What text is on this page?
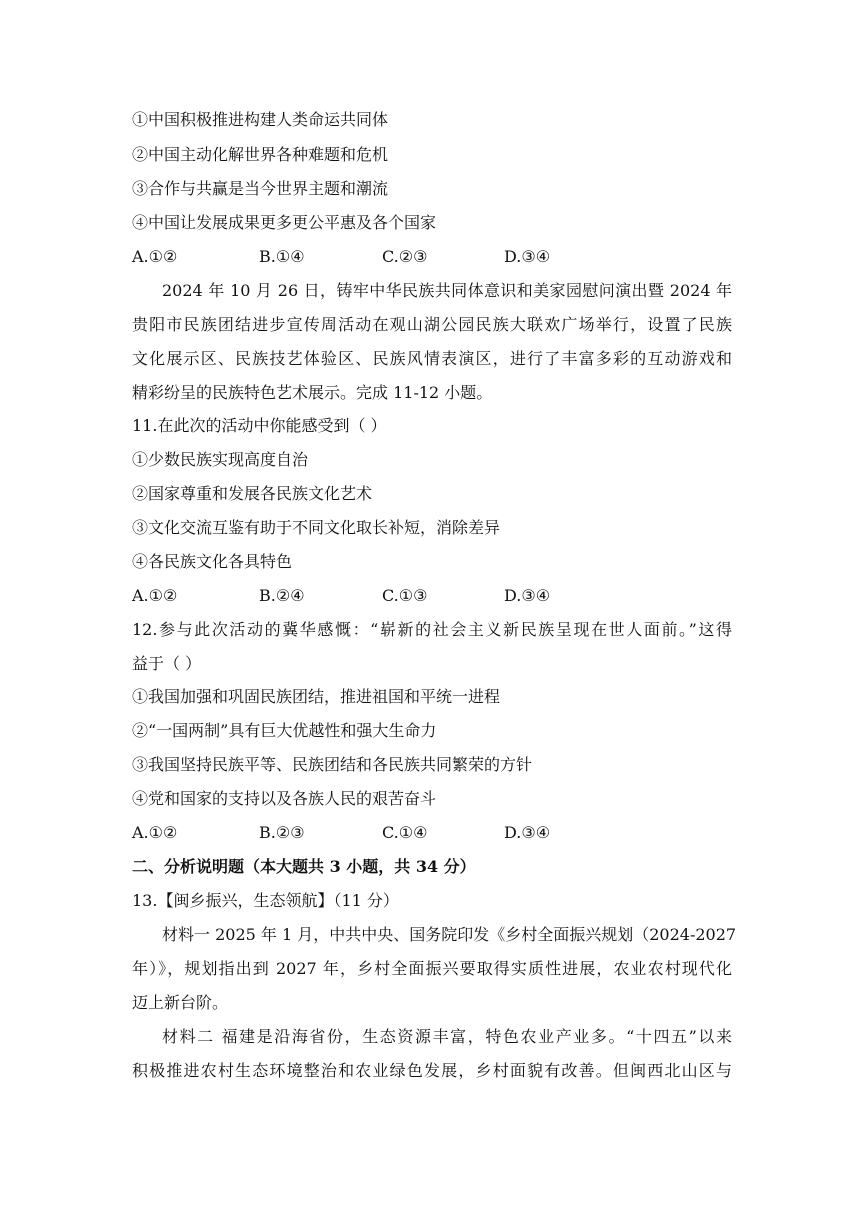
①中国积极推进构建人类命运共同体
②中国主动化解世界各种难题和危机
③合作与共赢是当今世界主题和潮流
④中国让发展成果更多更公平惠及各个国家
A.①②	B.①④	C.②③	D.③④
2024 年 10 月 26 日，铸牢中华民族共同体意识和美家园慰问演出暨 2024 年
贵阳市民族团结进步宣传周活动在观山湖公园民族大联欢广场举行，设置了民族
文化展示区、民族技艺体验区、民族风情表演区，进行了丰富多彩的互动游戏和
精彩纷呈的民族特色艺术展示。完成 11-12 小题。
11.在此次的活动中你能感受到（ ）
①少数民族实现高度自治
②国家尊重和发展各民族文化艺术
③文化交流互鉴有助于不同文化取长补短，消除差异
④各民族文化各具特色
A.①②	B.②④	C.①③	D.③④
12.参与此次活动的冀华感慨：“崭新的社会主义新民族呈现在世人面前。”这得
益于（ ）
①我国加强和巩固民族团结，推进祖国和平统一进程
②“一国两制”具有巨大优越性和强大生命力
③我国坚持民族平等、民族团结和各民族共同繁荣的方针
④党和国家的支持以及各族人民的艰苦奋斗
A.①②	B.②③	C.①④	D.③④
二、分析说明题（本大题共 3 小题，共 34 分）
13.【闽乡振兴，生态领航】（11 分）
材料一 2025 年 1 月，中共中央、国务院印发《乡村全面振兴规划（2024-2027
年）》，规划指出到 2027 年，乡村全面振兴要取得实质性进展，农业农村现代化
迈上新台阶。
材料二 福建是沿海省份，生态资源丰富，特色农业产业多。“十四五”以来
积极推进农村生态环境整治和农业绿色发展，乡村面貌有改善。但闽西北山区与
